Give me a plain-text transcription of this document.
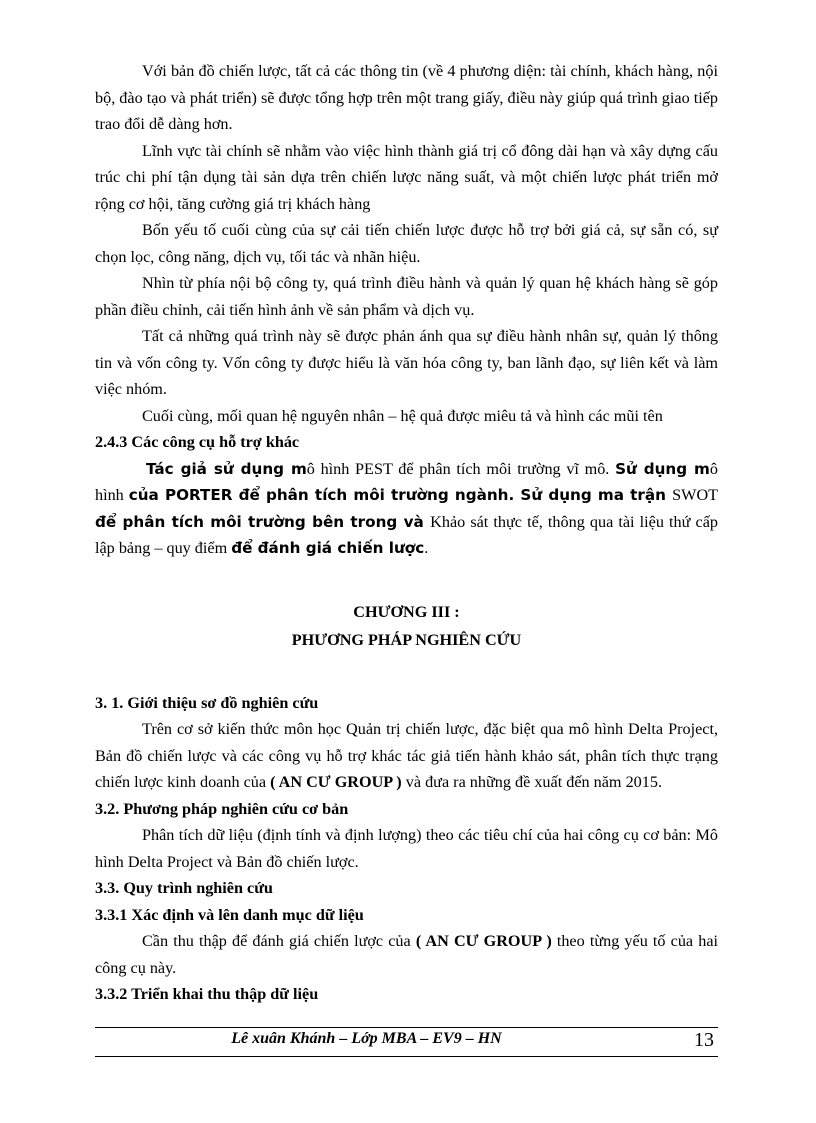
Với bản đồ chiến lược, tất cả các thông tin (về 4 phương diện: tài chính, khách hàng, nội bộ, đào tạo và phát triển) sẽ được tổng hợp trên một trang giấy, điều này giúp quá trình giao tiếp trao đổi dễ dàng hơn.

Lĩnh vực tài chính sẽ nhằm vào việc hình thành giá trị cổ đông dài hạn và xây dựng cấu trúc chi phí tận dụng tài sản dựa trên chiến lược năng suất, và một chiến lược phát triển mở rộng cơ hội, tăng cường giá trị khách hàng

Bốn yếu tố cuối cùng của sự cải tiến chiến lược được hỗ trợ bởi giá cả, sự sẵn có, sự chọn lọc, công năng, dịch vụ, tối tác và nhãn hiệu.

Nhìn từ phía nội bộ công ty, quá trình điều hành và quản lý quan hệ khách hàng sẽ góp phần điều chỉnh, cải tiến hình ảnh về sản phẩm và dịch vụ.

Tất cả những quá trình này sẽ được phản ánh qua sự điều hành nhân sự, quản lý thông tin và vốn công ty. Vốn công ty được hiểu là văn hóa công ty, ban lãnh đạo, sự liên kết và làm việc nhóm.

Cuối cùng, mối quan hệ nguyên nhân – hệ quả được miêu tả và hình các mũi tên

2.4.3 Các công cụ hỗ trợ khác

Tác giả sử dụng mô hình PEST để phân tích môi trường vĩ mô. Sử dụng mô hình của PORTER để phân tích môi trường ngành. Sử dụng ma trận SWOT để phân tích môi trường bên trong và Khảo sát thực tế, thông qua tài liệu thứ cấp lập bảng – quy điểm để đánh giá chiến lược.

CHƯƠNG III :

PHƯƠNG PHÁP NGHIÊN CỨU

3. 1. Giới thiệu sơ đồ nghiên cứu

Trên cơ sở kiến thức môn học Quản trị chiến lược, đặc biệt qua mô hình Delta Project, Bản đồ chiến lược và các công vụ hỗ trợ khác tác giả tiến hành khảo sát, phân tích thực trạng chiến lược kinh doanh của ( AN CƯ GROUP ) và đưa ra những đề xuất đến năm 2015.

3.2. Phương pháp nghiên cứu cơ bản

Phân tích dữ liệu (định tính và định lượng) theo các tiêu chí của hai công cụ cơ bản: Mô hình Delta Project và Bản đồ chiến lược.

3.3. Quy trình nghiên cứu

3.3.1 Xác định và lên danh mục dữ liệu

Cần thu thập để đánh giá chiến lược của ( AN CƯ GROUP ) theo từng yếu tố của hai công cụ này.

3.3.2 Triển khai thu thập dữ liệu

Lê xuân Khánh – Lớp MBA – EV9 – HN	13
